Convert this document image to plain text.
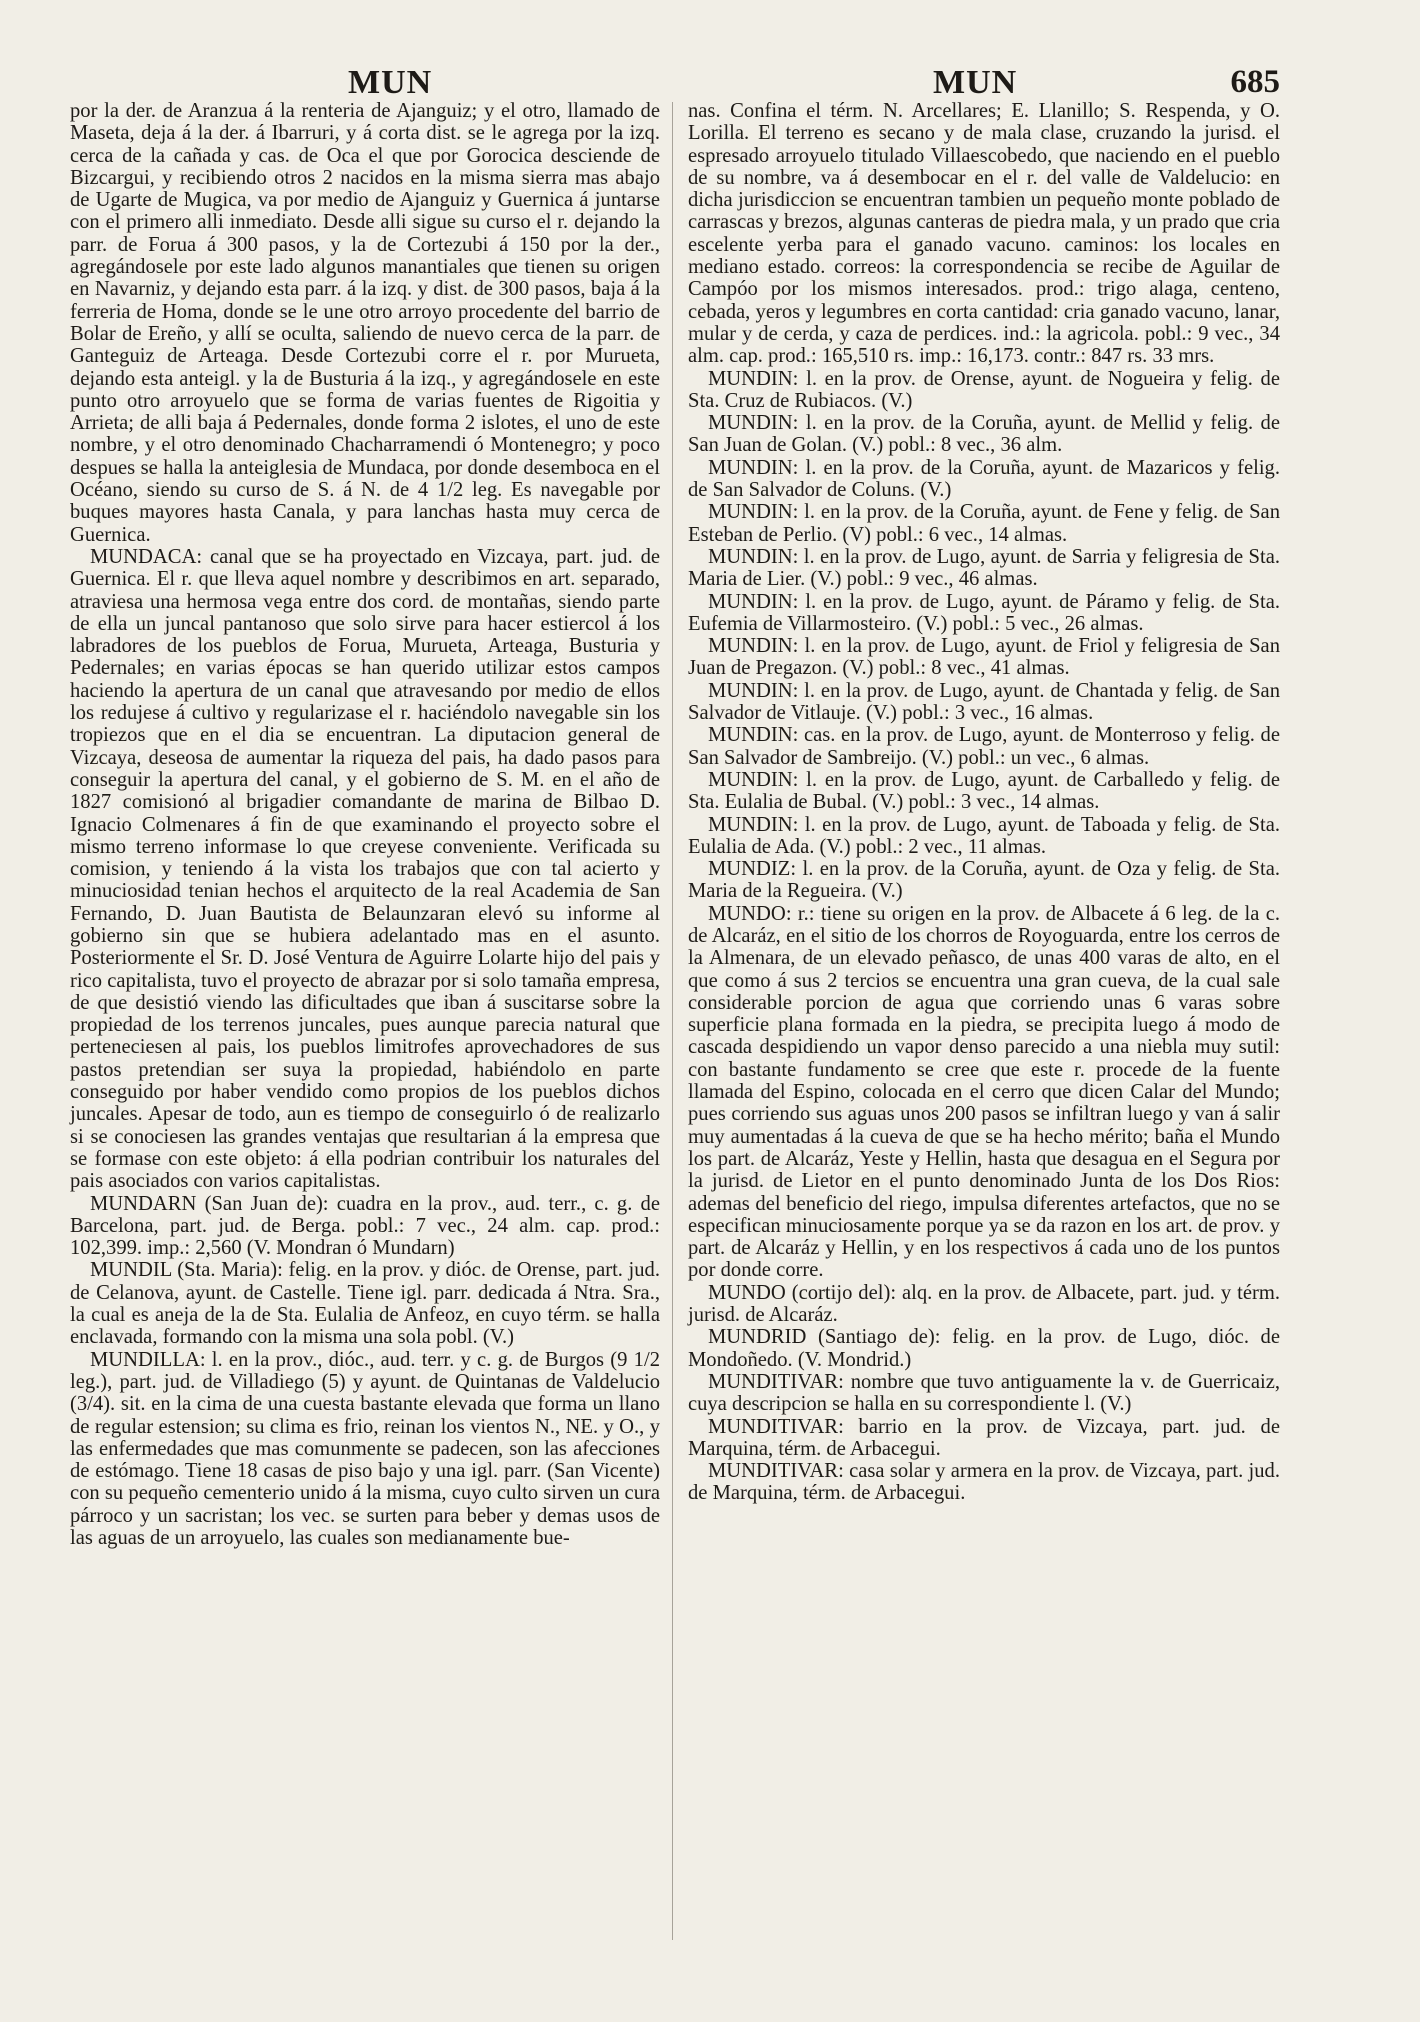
MUN	MUN	685

por la der. de Aranzua á la renteria de Ajanguiz; y el otro, llamado de Maseta, deja á la der. á Ibarruri, y á corta dist. se le agrega por la izq. cerca de la cañada y cas. de Oca el que por Gorocica desciende de Bizcargui, y recibiendo otros 2 nacidos en la misma sierra mas abajo de Ugarte de Mugica, va por medio de Ajanguiz y Guernica á juntarse con el primero alli inmediato. Desde alli sigue su curso el r. dejando la parr. de Forua á 300 pasos, y la de Cortezubi á 150 por la der., agregándosele por este lado algunos manantiales que tienen su origen en Navarniz, y dejando esta parr. á la izq. y dist. de 300 pasos, baja á la ferreria de Homa, donde se le une otro arroyo procedente del barrio de Bolar de Ereño, y allí se oculta, saliendo de nuevo cerca de la parr. de Ganteguiz de Arteaga. Desde Cortezubi corre el r. por Murueta, dejando esta anteigl. y la de Busturia á la izq., y agregándosele en este punto otro arroyuelo que se forma de varias fuentes de Rigoitia y Arrieta; de alli baja á Pedernales, donde forma 2 islotes, el uno de este nombre, y el otro denominado Chacharramendi ó Montenegro; y poco despues se halla la anteiglesia de Mundaca, por donde desemboca en el Océano, siendo su curso de S. á N. de 4 1/2 leg. Es navegable por buques mayores hasta Canala, y para lanchas hasta muy cerca de Guernica.

MUNDACA: canal que se ha proyectado en Vizcaya, part. jud. de Guernica. El r. que lleva aquel nombre y describimos en art. separado, atraviesa una hermosa vega entre dos cord. de montañas, siendo parte de ella un juncal pantanoso que solo sirve para hacer estiercol á los labradores de los pueblos de Forua, Murueta, Arteaga, Busturia y Pedernales; en varias épocas se han querido utilizar estos campos haciendo la apertura de un canal que atravesando por medio de ellos los redujese á cultivo y regularizase el r. haciéndolo navegable sin los tropiezos que en el dia se encuentran. La diputacion general de Vizcaya, deseosa de aumentar la riqueza del pais, ha dado pasos para conseguir la apertura del canal, y el gobierno de S. M. en el año de 1827 comisionó al brigadier comandante de marina de Bilbao D. Ignacio Colmenares á fin de que examinando el proyecto sobre el mismo terreno informase lo que creyese conveniente. Verificada su comision, y teniendo á la vista los trabajos que con tal acierto y minuciosidad tenian hechos el arquitecto de la real Academia de San Fernando, D. Juan Bautista de Belaunzaran elevó su informe al gobierno sin que se hubiera adelantado mas en el asunto. Posteriormente el Sr. D. José Ventura de Aguirre Lolarte hijo del pais y rico capitalista, tuvo el proyecto de abrazar por si solo tamaña empresa, de que desistió viendo las dificultades que iban á suscitarse sobre la propiedad de los terrenos juncales, pues aunque parecia natural que perteneciesen al pais, los pueblos limitrofes aprovechadores de sus pastos pretendian ser suya la propiedad, habiéndolo en parte conseguido por haber vendido como propios de los pueblos dichos juncales. Apesar de todo, aun es tiempo de conseguirlo ó de realizarlo si se conociesen las grandes ventajas que resultarian á la empresa que se formase con este objeto: á ella podrian contribuir los naturales del pais asociados con varios capitalistas.

MUNDARN (San Juan de): cuadra en la prov., aud. terr., c. g. de Barcelona, part. jud. de Berga. pobl.: 7 vec., 24 alm. cap. prod.: 102,399. imp.: 2,560 (V. Mondran ó Mundarn)

MUNDIL (Sta. Maria): felig. en la prov. y dióc. de Orense, part. jud. de Celanova, ayunt. de Castelle. Tiene igl. parr. dedicada á Ntra. Sra., la cual es aneja de la de Sta. Eulalia de Anfeoz, en cuyo térm. se halla enclavada, formando con la misma una sola pobl. (V.)

MUNDILLA: l. en la prov., dióc., aud. terr. y c. g. de Burgos (9 1/2 leg.), part. jud. de Villadiego (5) y ayunt. de Quintanas de Valdelucio (3/4). sit. en la cima de una cuesta bastante elevada que forma un llano de regular estension; su clima es frio, reinan los vientos N., NE. y O., y las enfermedades que mas comunmente se padecen, son las afecciones de estómago. Tiene 18 casas de piso bajo y una igl. parr. (San Vicente) con su pequeño cementerio unido á la misma, cuyo culto sirven un cura párroco y un sacristan; los vec. se surten para beber y demas usos de las aguas de un arroyuelo, las cuales son medianamente bue-

nas. Confina el térm. N. Arcellares; E. Llanillo; S. Respenda, y O. Lorilla. El terreno es secano y de mala clase, cruzando la jurisd. el espresado arroyuelo titulado Villaescobedo, que naciendo en el pueblo de su nombre, va á desembocar en el r. del valle de Valdelucio: en dicha jurisdiccion se encuentran tambien un pequeño monte poblado de carrascas y brezos, algunas canteras de piedra mala, y un prado que cria escelente yerba para el ganado vacuno. caminos: los locales en mediano estado. correos: la correspondencia se recibe de Aguilar de Campóo por los mismos interesados. prod.: trigo alaga, centeno, cebada, yeros y legumbres en corta cantidad: cria ganado vacuno, lanar, mular y de cerda, y caza de perdices. ind.: la agricola. pobl.: 9 vec., 34 alm. cap. prod.: 165,510 rs. imp.: 16,173. contr.: 847 rs. 33 mrs.

MUNDIN: l. en la prov. de Orense, ayunt. de Nogueira y felig. de Sta. Cruz de Rubiacos. (V.)

MUNDIN: l. en la prov. de la Coruña, ayunt. de Mellid y felig. de San Juan de Golan. (V.) pobl.: 8 vec., 36 alm.

MUNDIN: l. en la prov. de la Coruña, ayunt. de Mazaricos y felig. de San Salvador de Coluns. (V.)

MUNDIN: l. en la prov. de la Coruña, ayunt. de Fene y felig. de San Esteban de Perlio. (V) pobl.: 6 vec., 14 almas.

MUNDIN: l. en la prov. de Lugo, ayunt. de Sarria y feligresia de Sta. Maria de Lier. (V.) pobl.: 9 vec., 46 almas.

MUNDIN: l. en la prov. de Lugo, ayunt. de Páramo y felig. de Sta. Eufemia de Villarmosteiro. (V.) pobl.: 5 vec., 26 almas.

MUNDIN: l. en la prov. de Lugo, ayunt. de Friol y feligresia de San Juan de Pregazon. (V.) pobl.: 8 vec., 41 almas.

MUNDIN: l. en la prov. de Lugo, ayunt. de Chantada y felig. de San Salvador de Vitlauje. (V.) pobl.: 3 vec., 16 almas.

MUNDIN: cas. en la prov. de Lugo, ayunt. de Monterroso y felig. de San Salvador de Sambreijo. (V.) pobl.: un vec., 6 almas.

MUNDIN: l. en la prov. de Lugo, ayunt. de Carballedo y felig. de Sta. Eulalia de Bubal. (V.) pobl.: 3 vec., 14 almas.

MUNDIN: l. en la prov. de Lugo, ayunt. de Taboada y felig. de Sta. Eulalia de Ada. (V.) pobl.: 2 vec., 11 almas.

MUNDIZ: l. en la prov. de la Coruña, ayunt. de Oza y felig. de Sta. Maria de la Regueira. (V.)

MUNDO: r.: tiene su origen en la prov. de Albacete á 6 leg. de la c. de Alcaráz, en el sitio de los chorros de Royoguarda, entre los cerros de la Almenara, de un elevado peñasco, de unas 400 varas de alto, en el que como á sus 2 tercios se encuentra una gran cueva, de la cual sale considerable porcion de agua que corriendo unas 6 varas sobre superficie plana formada en la piedra, se precipita luego á modo de cascada despidiendo un vapor denso parecido a una niebla muy sutil: con bastante fundamento se cree que este r. procede de la fuente llamada del Espino, colocada en el cerro que dicen Calar del Mundo; pues corriendo sus aguas unos 200 pasos se infiltran luego y van á salir muy aumentadas á la cueva de que se ha hecho mérito; baña el Mundo los part. de Alcaráz, Yeste y Hellin, hasta que desagua en el Segura por la jurisd. de Lietor en el punto denominado Junta de los Dos Rios: ademas del beneficio del riego, impulsa diferentes artefactos, que no se especifican minuciosamente porque ya se da razon en los art. de prov. y part. de Alcaráz y Hellin, y en los respectivos á cada uno de los puntos por donde corre.

MUNDO (cortijo del): alq. en la prov. de Albacete, part. jud. y térm. jurisd. de Alcaráz.

MUNDRID (Santiago de): felig. en la prov. de Lugo, dióc. de Mondoñedo. (V. Mondrid.)

MUNDITIVAR: nombre que tuvo antiguamente la v. de Guerricaiz, cuya descripcion se halla en su correspondiente l. (V.)

MUNDITIVAR: barrio en la prov. de Vizcaya, part. jud. de Marquina, térm. de Arbacegui.

MUNDITIVAR: casa solar y armera en la prov. de Vizcaya, part. jud. de Marquina, térm. de Arbacegui.
